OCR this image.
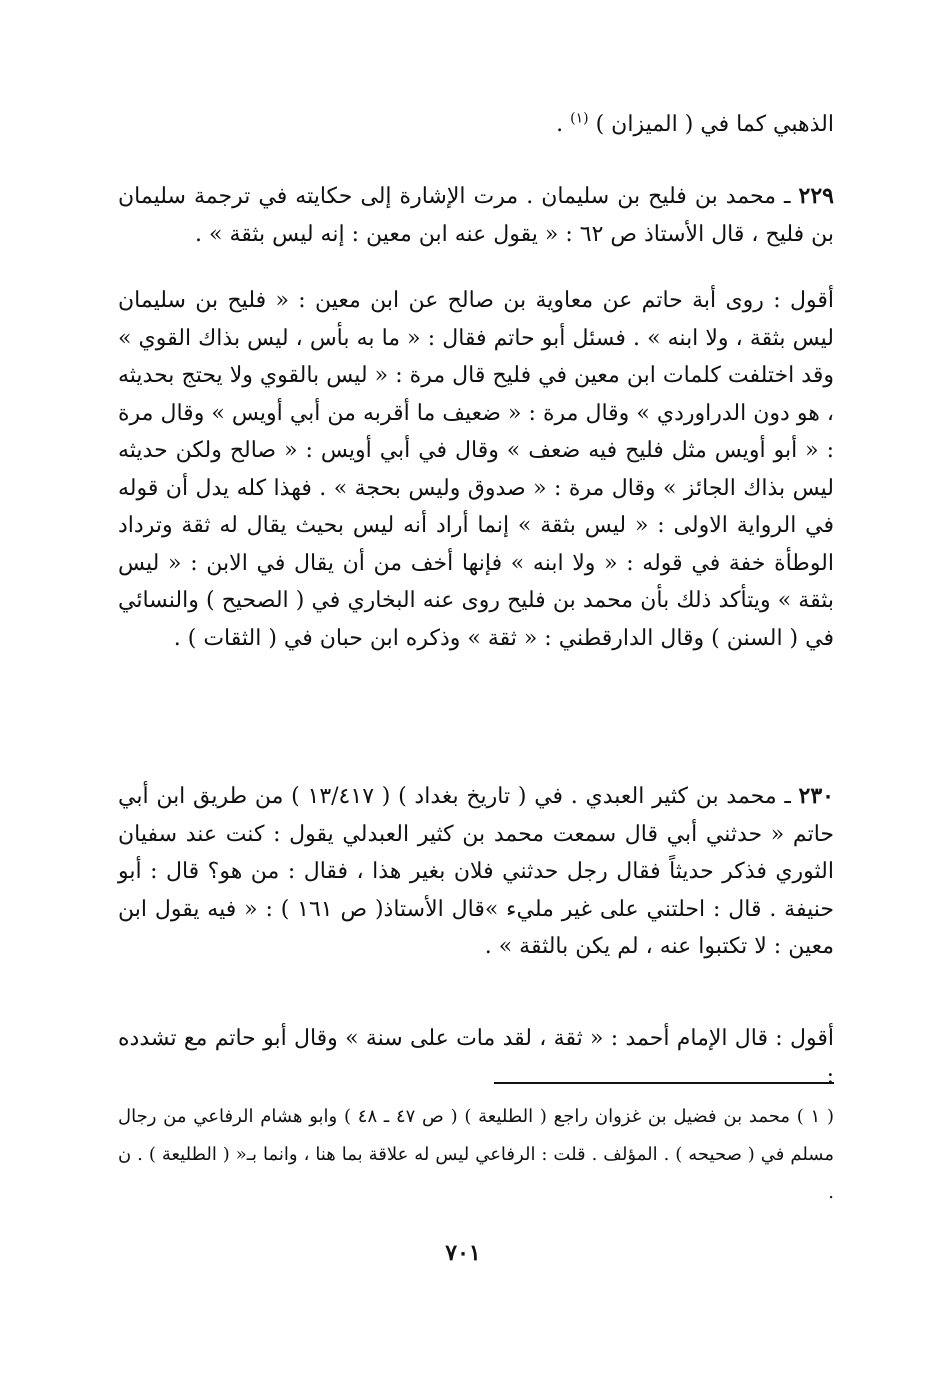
الذهبي كما في ( الميزان ) $^{(١)}$ .

٢٢٩ ـ محمد بن فليح بن سليمان . مرت الإشارة إلى حكايته في ترجمة سليمان بن فليح ، قال الأستاذ ص ٦٢ : « يقول عنه ابن معين : إنه ليس بثقة » .

أقول : روى أبة حاتم عن معاوية بن صالح عن ابن معين : « فليح بن سليمان ليس بثقة ، ولا ابنه » . فسئل أبو حاتم فقال : « ما به بأس ، ليس بذاك القوي » وقد اختلفت كلمات ابن معين في فليح قال مرة : « ليس بالقوي ولا يحتج بحديثه ، هو دون الدراوردي » وقال مرة : « ضعيف ما أقربه من أبي أويس » وقال مرة : « أبو أويس مثل فليح فيه ضعف » وقال في أبي أويس : « صالح ولكن حديثه ليس بذاك الجائز » وقال مرة : « صدوق وليس بحجة » . فهذا كله يدل أن قوله في الرواية الاولى : « ليس بثقة » إنما أراد أنه ليس بحيث يقال له ثقة وترداد الوطأة خفة في قوله : « ولا ابنه » فإنها أخف من أن يقال في الابن : « ليس بثقة » ويتأكد ذلك بأن محمد بن فليح روى عنه البخاري في ( الصحيح ) والنسائي في ( السنن ) وقال الدارقطني : « ثقة » وذكره ابن حبان في ( الثقات ) .

٢٣٠ ـ محمد بن كثير العبدي . في ( تاريخ بغداد ) ( ١٣/٤١٧ ) من طريق ابن أبي حاتم « حدثني أبي قال سمعت محمد بن كثير العبدلي يقول : كنت عند سفيان الثوري فذكر حديثاً فقال رجل حدثني فلان بغير هذا ، فقال : من هو؟ قال : أبو حنيفة . قال : احلتني على غير مليء »قال الأستاذ( ص ١٦١ ) : « فيه يقول ابن معين : لا تكتبوا عنه ، لم يكن بالثقة » .

أقول : قال الإمام أحمد : « ثقة ، لقد مات على سنة » وقال أبو حاتم مع تشدده :

( ١ ) محمد بن فضيل بن غزوان راجع ( الطليعة ) ( ص ٤٧ ـ ٤٨ ) وابو هشام الرفاعي من رجال مسلم في ( صحيحه ) . المؤلف . قلت : الرفاعي ليس له علاقة بما هنا ، وانما بـ« ( الطليعة ) . ن .

٧٠١
